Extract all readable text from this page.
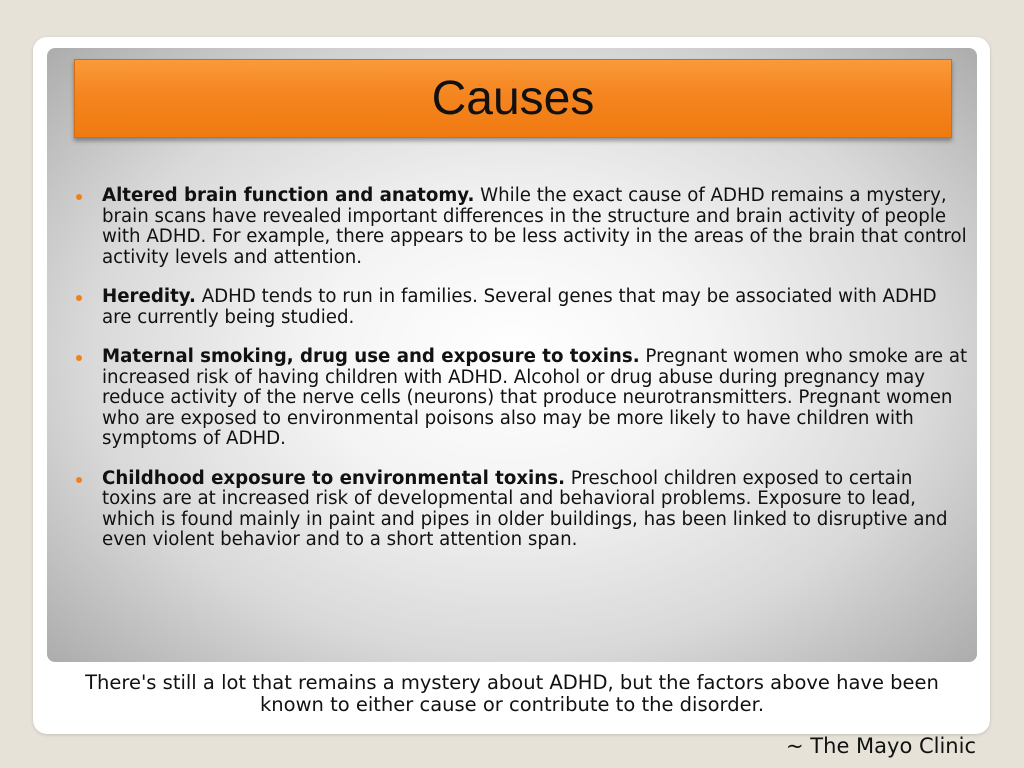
Causes
Altered brain function and anatomy. While the exact cause of ADHD remains a mystery, brain scans have revealed important differences in the structure and brain activity of people with ADHD. For example, there appears to be less activity in the areas of the brain that control activity levels and attention.
Heredity. ADHD tends to run in families. Several genes that may be associated with ADHD are currently being studied.
Maternal smoking, drug use and exposure to toxins. Pregnant women who smoke are at increased risk of having children with ADHD. Alcohol or drug abuse during pregnancy may reduce activity of the nerve cells (neurons) that produce neurotransmitters. Pregnant women who are exposed to environmental poisons also may be more likely to have children with symptoms of ADHD.
Childhood exposure to environmental toxins. Preschool children exposed to certain toxins are at increased risk of developmental and behavioral problems. Exposure to lead, which is found mainly in paint and pipes in older buildings, has been linked to disruptive and even violent behavior and to a short attention span.
There's still a lot that remains a mystery about ADHD, but the factors above have been known to either cause or contribute to the disorder.
~ The Mayo Clinic
